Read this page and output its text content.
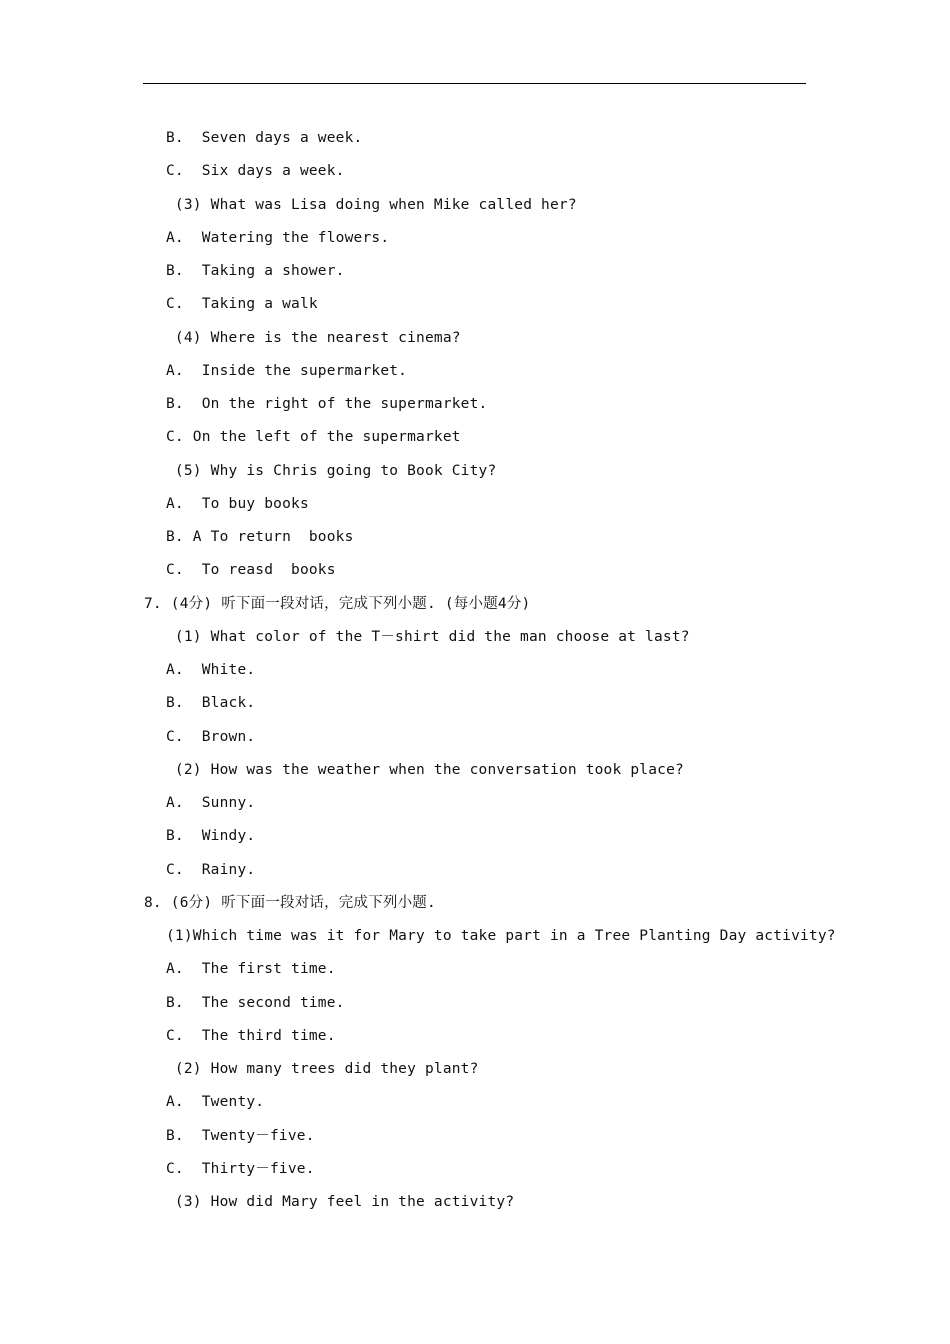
B.  Seven days a week.
C.  Six days a week.
(3) What was Lisa doing when Mike called her?
A.  Watering the flowers.
B.  Taking a shower.
C.  Taking a walk
(4) Where is the nearest cinema?
A.  Inside the supermarket.
B.  On the right of the supermarket.
C. On the left of the supermarket
(5) Why is Chris going to Book City?
A.  To buy books
B. A To return  books
C.  To reasd  books
7. (4分) 听下面一段对话，完成下列小题. (每小题4分)
(1) What color of the T－shirt did the man choose at last?
A.  White.
B.  Black.
C.  Brown.
(2) How was the weather when the conversation took place?
A.  Sunny.
B.  Windy.
C.  Rainy.
8. (6分) 听下面一段对话，完成下列小题.
(1)Which time was it for Mary to take part in a Tree Planting Day activity?
A.  The first time.
B.  The second time.
C.  The third time.
(2) How many trees did they plant?
A.  Twenty.
B.  Twenty－five.
C.  Thirty－five.
(3) How did Mary feel in the activity?
